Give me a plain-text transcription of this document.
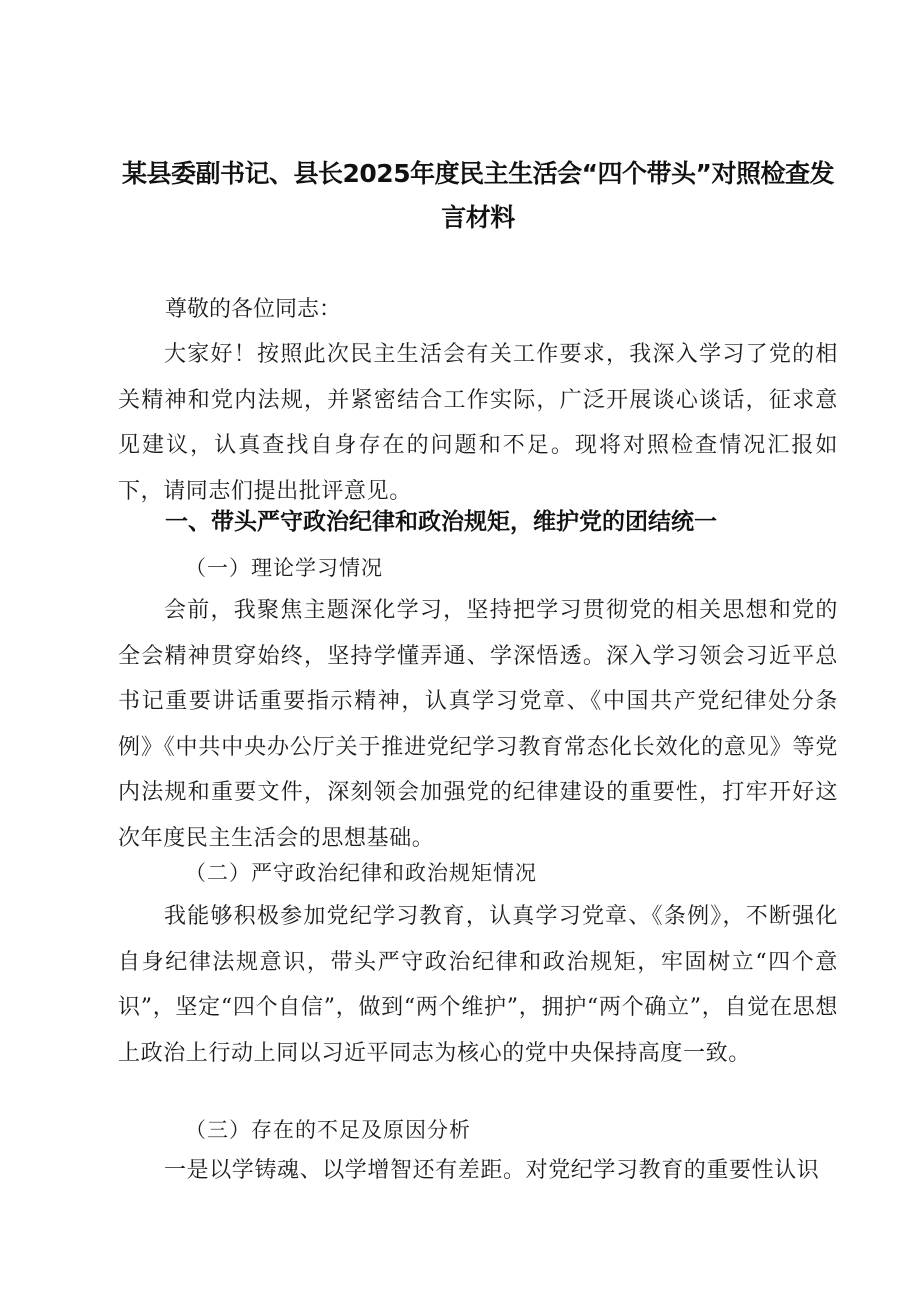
某县委副书记、县长2025年度民主生活会“四个带头”对照检查发
言材料
尊敬的各位同志：
大家好！按照此次民主生活会有关工作要求，我深入学习了党的相关精神和党内法规，并紧密结合工作实际，广泛开展谈心谈话，征求意见建议，认真查找自身存在的问题和不足。现将对照检查情况汇报如下，请同志们提出批评意见。
一、带头严守政治纪律和政治规矩，维护党的团结统一
（一）理论学习情况
会前，我聚焦主题深化学习，坚持把学习贯彻党的相关思想和党的全会精神贯穿始终，坚持学懂弄通、学深悟透。深入学习领会习近平总书记重要讲话重要指示精神，认真学习党章、《中国共产党纪律处分条例》《中共中央办公厅关于推进党纪学习教育常态化长效化的意见》等党内法规和重要文件，深刻领会加强党的纪律建设的重要性，打牢开好这次年度民主生活会的思想基础。
（二）严守政治纪律和政治规矩情况
我能够积极参加党纪学习教育，认真学习党章、《条例》，不断强化自身纪律法规意识，带头严守政治纪律和政治规矩，牢固树立“四个意识”，坚定“四个自信”，做到“两个维护”，拥护“两个确立”，自觉在思想上政治上行动上同以习近平同志为核心的党中央保持高度一致。
（三）存在的不足及原因分析
一是以学铸魂、以学增智还有差距。对党纪学习教育的重要性认识
